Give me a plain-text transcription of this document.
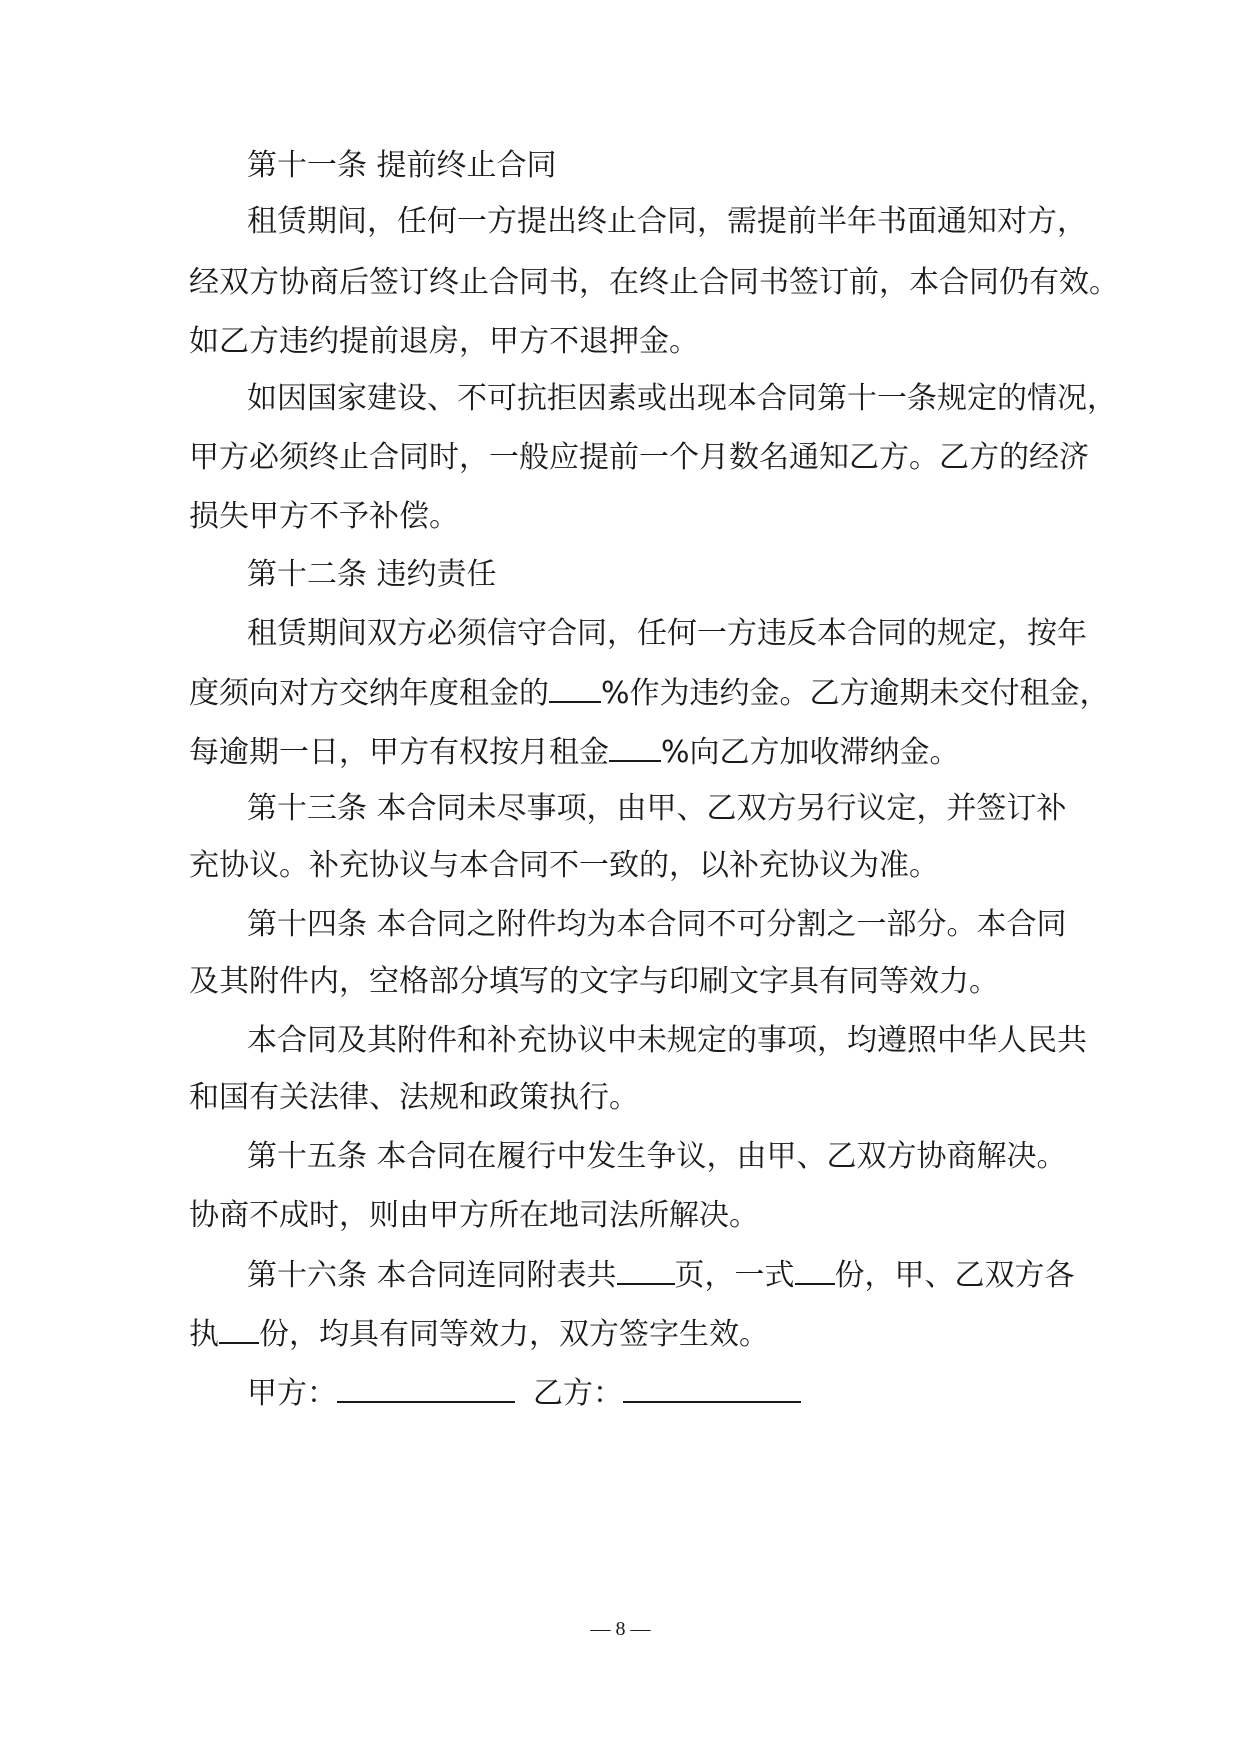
第十一条 提前终止合同
租赁期间，任何一方提出终止合同，需提前半年书面通知对方，
经双方协商后签订终止合同书，在终止合同书签订前，本合同仍有效。
如乙方违约提前退房，甲方不退押金。
如因国家建设、不可抗拒因素或出现本合同第十一条规定的情况，
甲方必须终止合同时，一般应提前一个月数名通知乙方。乙方的经济
损失甲方不予补偿。
第十二条 违约责任
租赁期间双方必须信守合同，任何一方违反本合同的规定，按年
度须向对方交纳年度租金的 %作为违约金。乙方逾期未交付租金，
每逾期一日，甲方有权按月租金 %向乙方加收滞纳金。
第十三条 本合同未尽事项，由甲、乙双方另行议定，并签订补
充协议。补充协议与本合同不一致的，以补充协议为准。
第十四条 本合同之附件均为本合同不可分割之一部分。本合同
及其附件内，空格部分填写的文字与印刷文字具有同等效力。
本合同及其附件和补充协议中未规定的事项，均遵照中华人民共
和国有关法律、法规和政策执行。
第十五条 本合同在履行中发生争议，由甲、乙双方协商解决。
协商不成时，则由甲方所在地司法所解决。
第十六条 本合同连同附表共 页，一式 份，甲、乙双方各
执 份，均具有同等效力，双方签字生效。
甲方：	乙方：
— 8 —
